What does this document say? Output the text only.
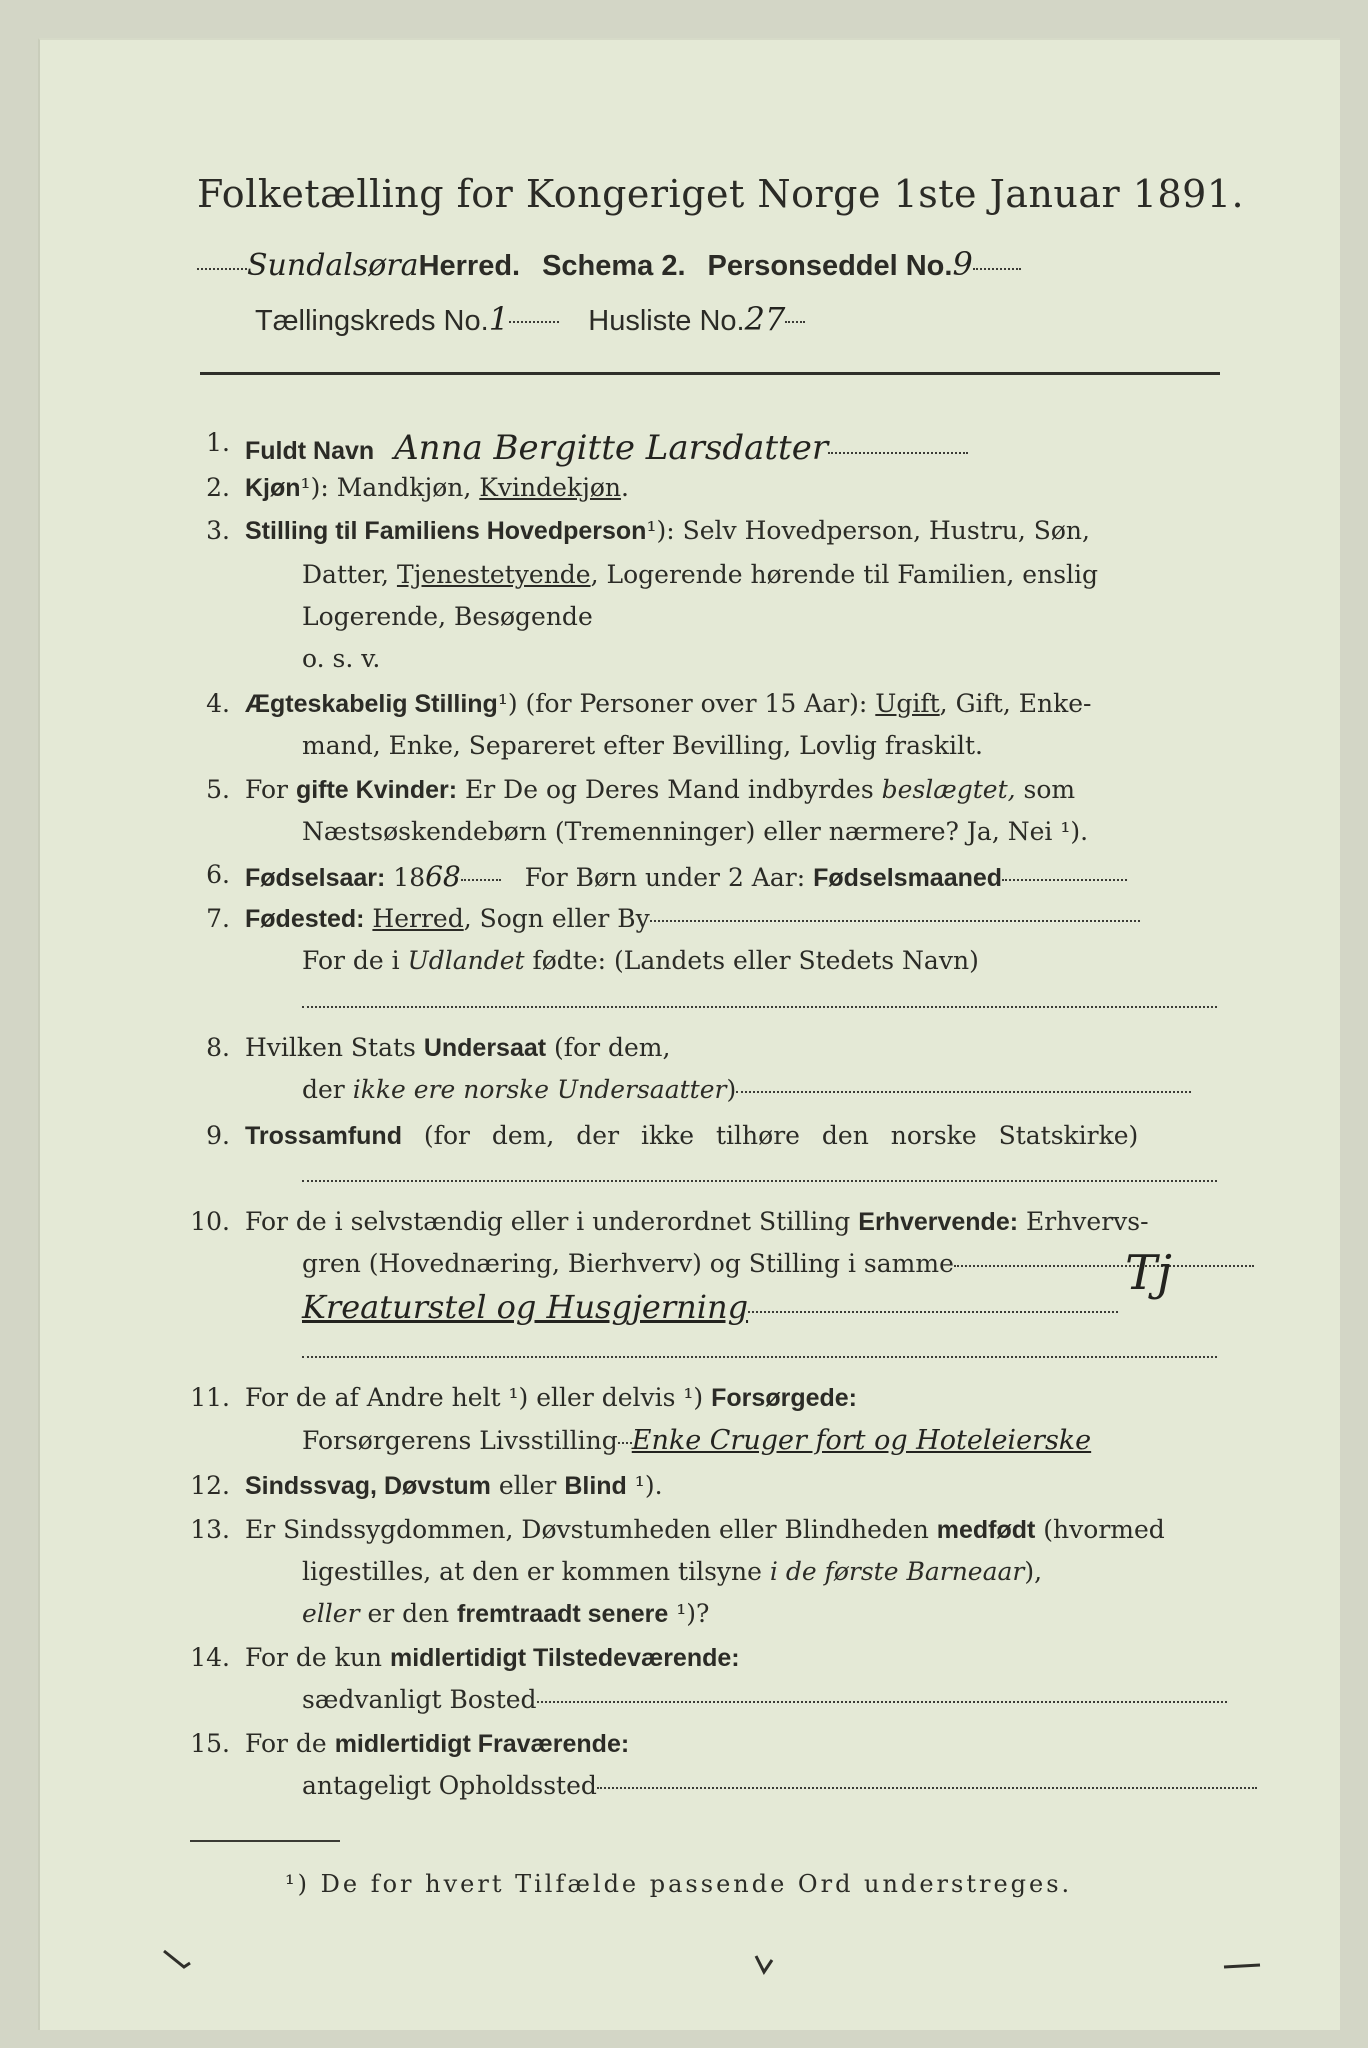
Folketælling for Kongeriget Norge 1ste Januar 1891.
SundalsøraHerred. Schema 2. Personseddel No.9
Tællingskreds No.1	Husliste No.27
1. Fuldt Navn Anna Bergitte Larsdatter
2. Kjøn¹): Mandkjøn, Kvindekjøn.
3. Stilling til Familiens Hovedperson¹): Selv Hovedperson, Hustru, Søn,
Datter, Tjenestetyende, Logerende hørende til Familien, enslig
Logerende, Besøgende
o. s. v.
4. Ægteskabelig Stilling¹) (for Personer over 15 Aar): Ugift, Gift, Enke-
mand, Enke, Separeret efter Bevilling, Lovlig fraskilt.
5. For gifte Kvinder: Er De og Deres Mand indbyrdes beslægtet, som
Næstsøskendebørn (Tremenninger) eller nærmere? Ja, Nei ¹).
6. Fødselsaar: 1868	For Børn under 2 Aar: Fødselsmaaned
7. Fødested: Herred, Sogn eller By
For de i Udlandet fødte: (Landets eller Stedets Navn)
8. Hvilken Stats Undersaat (for dem,
der ikke ere norske Undersaatter)
9. Trossamfund (for dem, der ikke tilhøre den norske Statskirke)
10. For de i selvstændig eller i underordnet Stilling Erhvervende: Erhvervs-
gren (Hovednæring, Bierhverv) og Stilling i samme
Kreaturstel og Husgjerning
Tj
11. For de af Andre helt ¹) eller delvis ¹) Forsørgede:
Forsørgerens Livsstilling Enke Cruger fort og Hoteleierske
12. Sindssvag, Døvstum eller Blind ¹).
13. Er Sindssygdommen, Døvstumheden eller Blindheden medfødt (hvormed
ligestilles, at den er kommen tilsyne i de første Barneaar),
eller er den fremtraadt senere ¹)?
14. For de kun midlertidigt Tilstedeværende:
sædvanligt Bosted
15. For de midlertidigt Fraværende:
antageligt Opholdssted
¹) De for hvert Tilfælde passende Ord understreges.
